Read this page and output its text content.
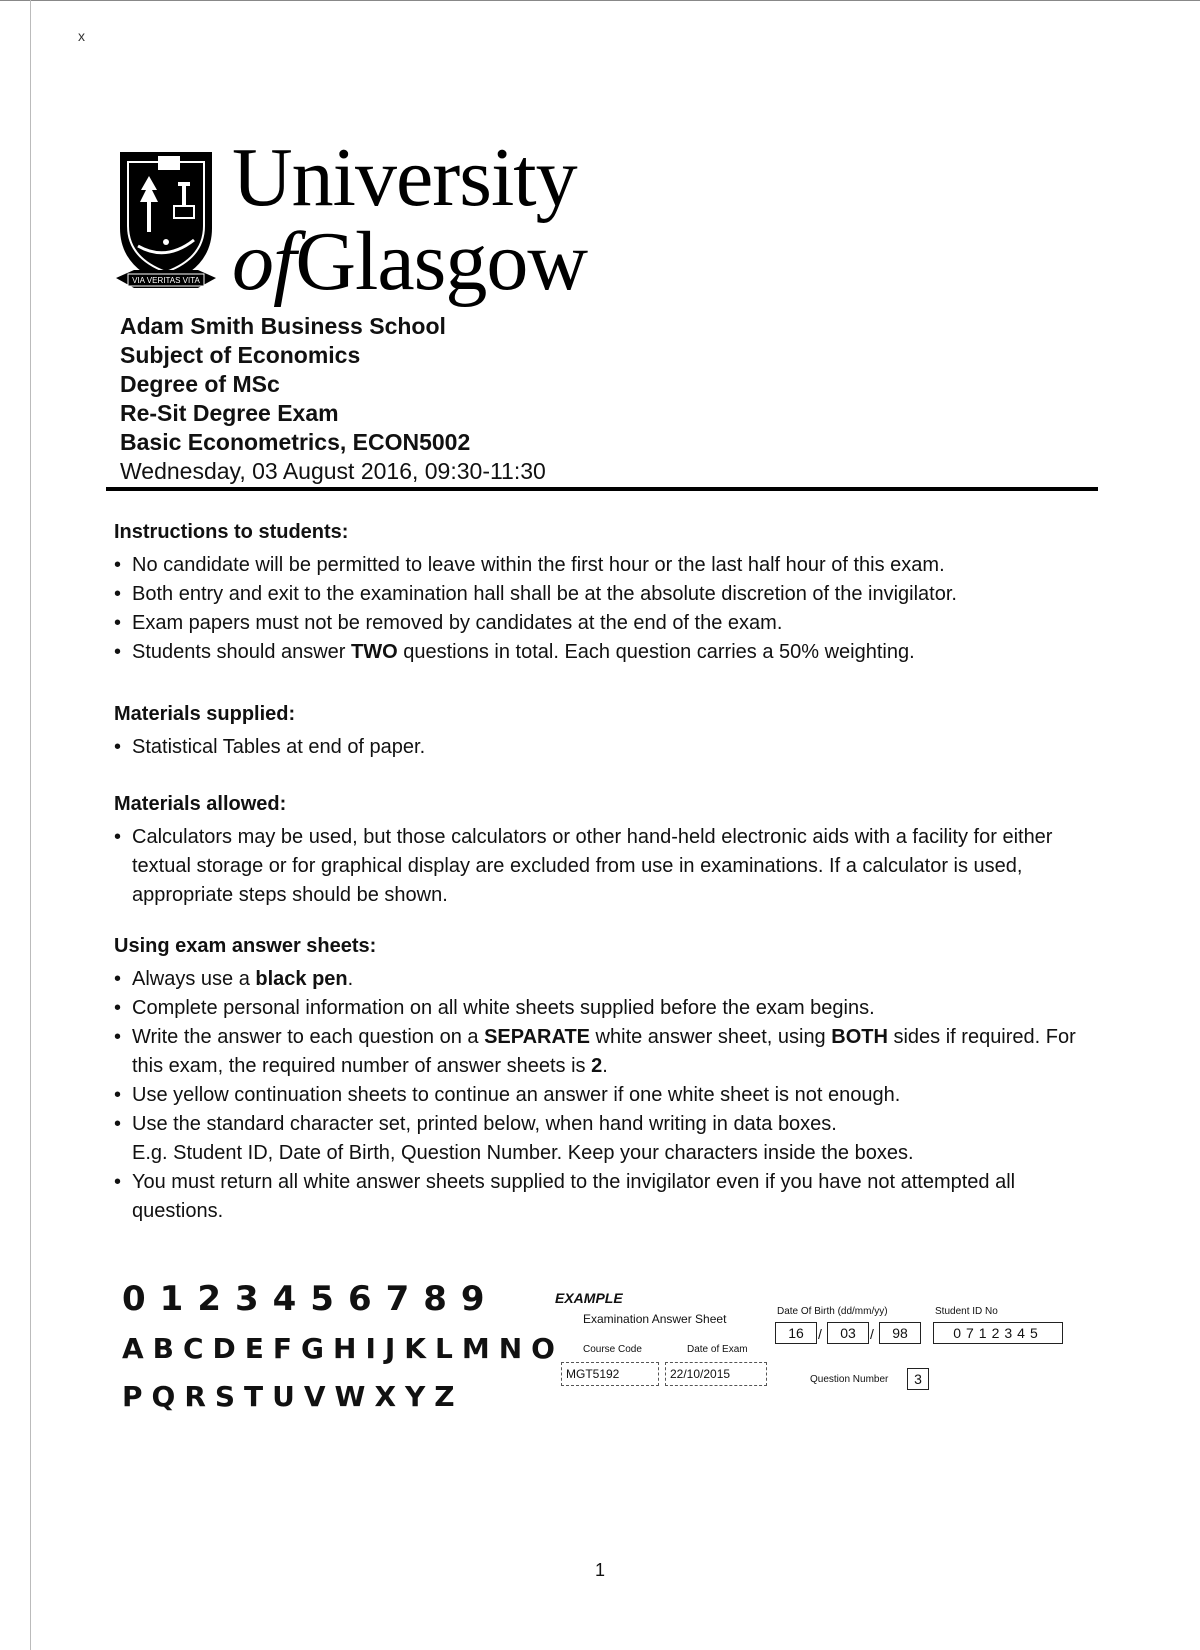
x
VIA VERITAS VITA
University
ofGlasgow
Adam Smith Business School
Subject of Economics
Degree of MSc
Re-Sit Degree Exam
Basic Econometrics, ECON5002
Wednesday, 03 August 2016, 09:30-11:30
Instructions to students:
• No candidate will be permitted to leave within the first hour or the last half hour of this exam.
• Both entry and exit to the examination hall shall be at the absolute discretion of the invigilator.
• Exam papers must not be removed by candidates at the end of the exam.
• Students should answer TWO questions in total. Each question carries a 50% weighting.
Materials supplied:
• Statistical Tables at end of paper.
Materials allowed:
• Calculators may be used, but those calculators or other hand-held electronic aids with a facility for either textual storage or for graphical display are excluded from use in examinations. If a calculator is used, appropriate steps should be shown.
Using exam answer sheets:
• Always use a black pen.
• Complete personal information on all white sheets supplied before the exam begins.
• Write the answer to each question on a SEPARATE white answer sheet, using BOTH sides if required. For this exam, the required number of answer sheets is 2.
• Use yellow continuation sheets to continue an answer if one white sheet is not enough.
• Use the standard character set, printed below, when hand writing in data boxes.
E.g. Student ID, Date of Birth, Question Number. Keep your characters inside the boxes.
• You must return all white answer sheets supplied to the invigilator even if you have not attempted all questions.
0123456789
ABCDEFGHIJKLMNO
PQRSTUVWXYZ
EXAMPLE
Examination Answer Sheet
Date Of Birth (dd/mm/yy)
16	/	03	/	98
Student ID No
0712345
Course Code
MGT5192
Date of Exam
22/10/2015	Question Number	3
1
